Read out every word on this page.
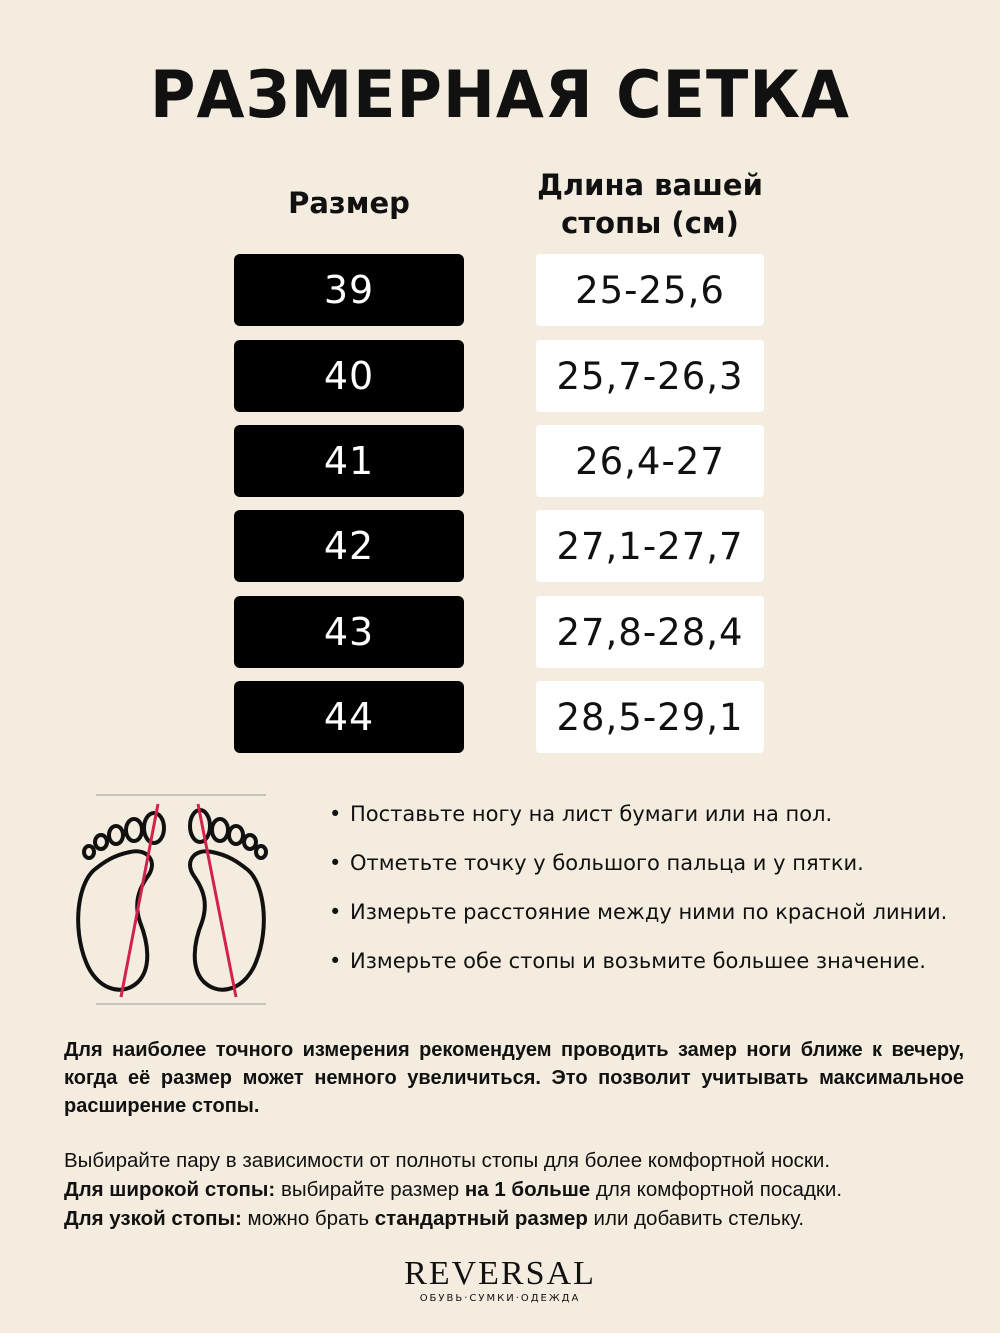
РАЗМЕРНАЯ СЕТКА
Размер
Длина вашей
стопы (см)
39	25-25,6
40	25,7-26,3
41	26,4-27
42	27,1-27,7
43	27,8-28,4
44	28,5-29,1
• Поставьте ногу на лист бумаги или на пол.
• Отметьте точку у большого пальца и у пятки.
• Измерьте расстояние между ними по красной линии.
• Измерьте обе стопы и возьмите большее значение.
Для наиболее точного измерения рекомендуем проводить замер ноги ближе к вечеру, когда её размер может немного увеличиться. Это позволит учитывать максимальное расширение стопы.

Выбирайте пару в зависимости от полноты стопы для более комфортной носки.

Для широкой стопы: выбирайте размер на 1 больше для комфортной посадки.

Для узкой стопы: можно брать стандартный размер или добавить стельку.

REVERSAL
ОБУВЬ·СУМКИ·ОДЕЖДА
